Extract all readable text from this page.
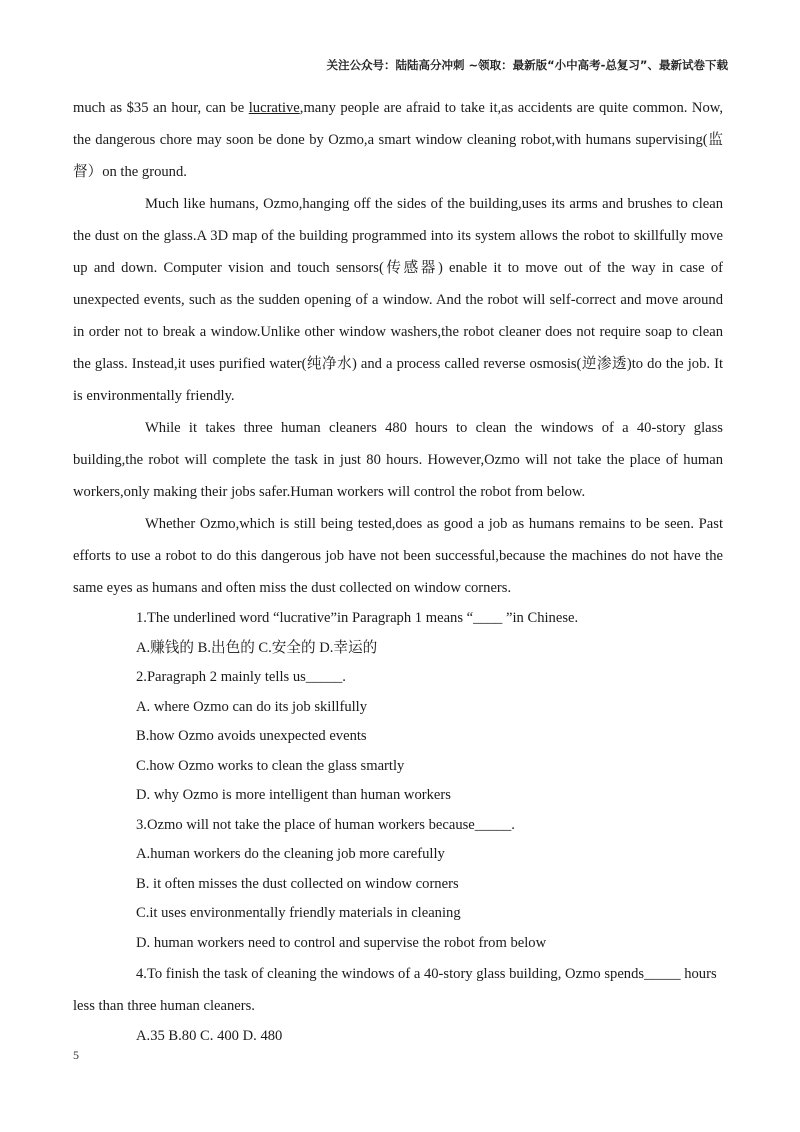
关注公众号：陆陆高分冲刺 ~领取：最新版“小中高考-总复习”、最新试卷下载

much as $35 an hour, can be lucrative,many people are afraid to take it,as accidents are quite common. Now, the dangerous chore may soon be done by Ozmo,a smart window cleaning robot,with humans supervising(监督）on the ground.

Much like humans, Ozmo,hanging off the sides of the building,uses its arms and brushes to clean the dust on the glass.A 3D map of the building programmed into its system allows the robot to skillfully move up and down. Computer vision and touch sensors(传感器) enable it to move out of the way in case of unexpected events, such as the sudden opening of a window. And the robot will self-correct and move around in order not to break a window.Unlike other window washers,the robot cleaner does not require soap to clean the glass. Instead,it uses purified water(纯净水) and a process called reverse osmosis(逆渗透)to do the job. It is environmentally friendly.

While it takes three human cleaners 480 hours to clean the windows of a 40-story glass building,the robot will complete the task in just 80 hours. However,Ozmo will not take the place of human workers,only making their jobs safer.Human workers will control the robot from below.

Whether Ozmo,which is still being tested,does as good a job as humans remains to be seen. Past efforts to use a robot to do this dangerous job have not been successful,because the machines do not have the same eyes as humans and often miss the dust collected on window corners.

1.The underlined word “lucrative”in Paragraph 1 means “____ ”in Chinese.

A.赚钱的 B.出色的 C.安全的 D.幸运的

2.Paragraph 2 mainly tells us_____.

A. where Ozmo can do its job skillfully

B.how Ozmo avoids unexpected events

C.how Ozmo works to clean the glass smartly

D. why Ozmo is more intelligent than human workers

3.Ozmo will not take the place of human workers because_____.

A.human workers do the cleaning job more carefully

B. it often misses the dust collected on window corners

C.it uses environmentally friendly materials in cleaning

D. human workers need to control and supervise the robot from below

4.To finish the task of cleaning the windows of a 40-story glass building, Ozmo spends_____ hours less than three human cleaners.

A.35 B.80 C. 400 D. 480

5
